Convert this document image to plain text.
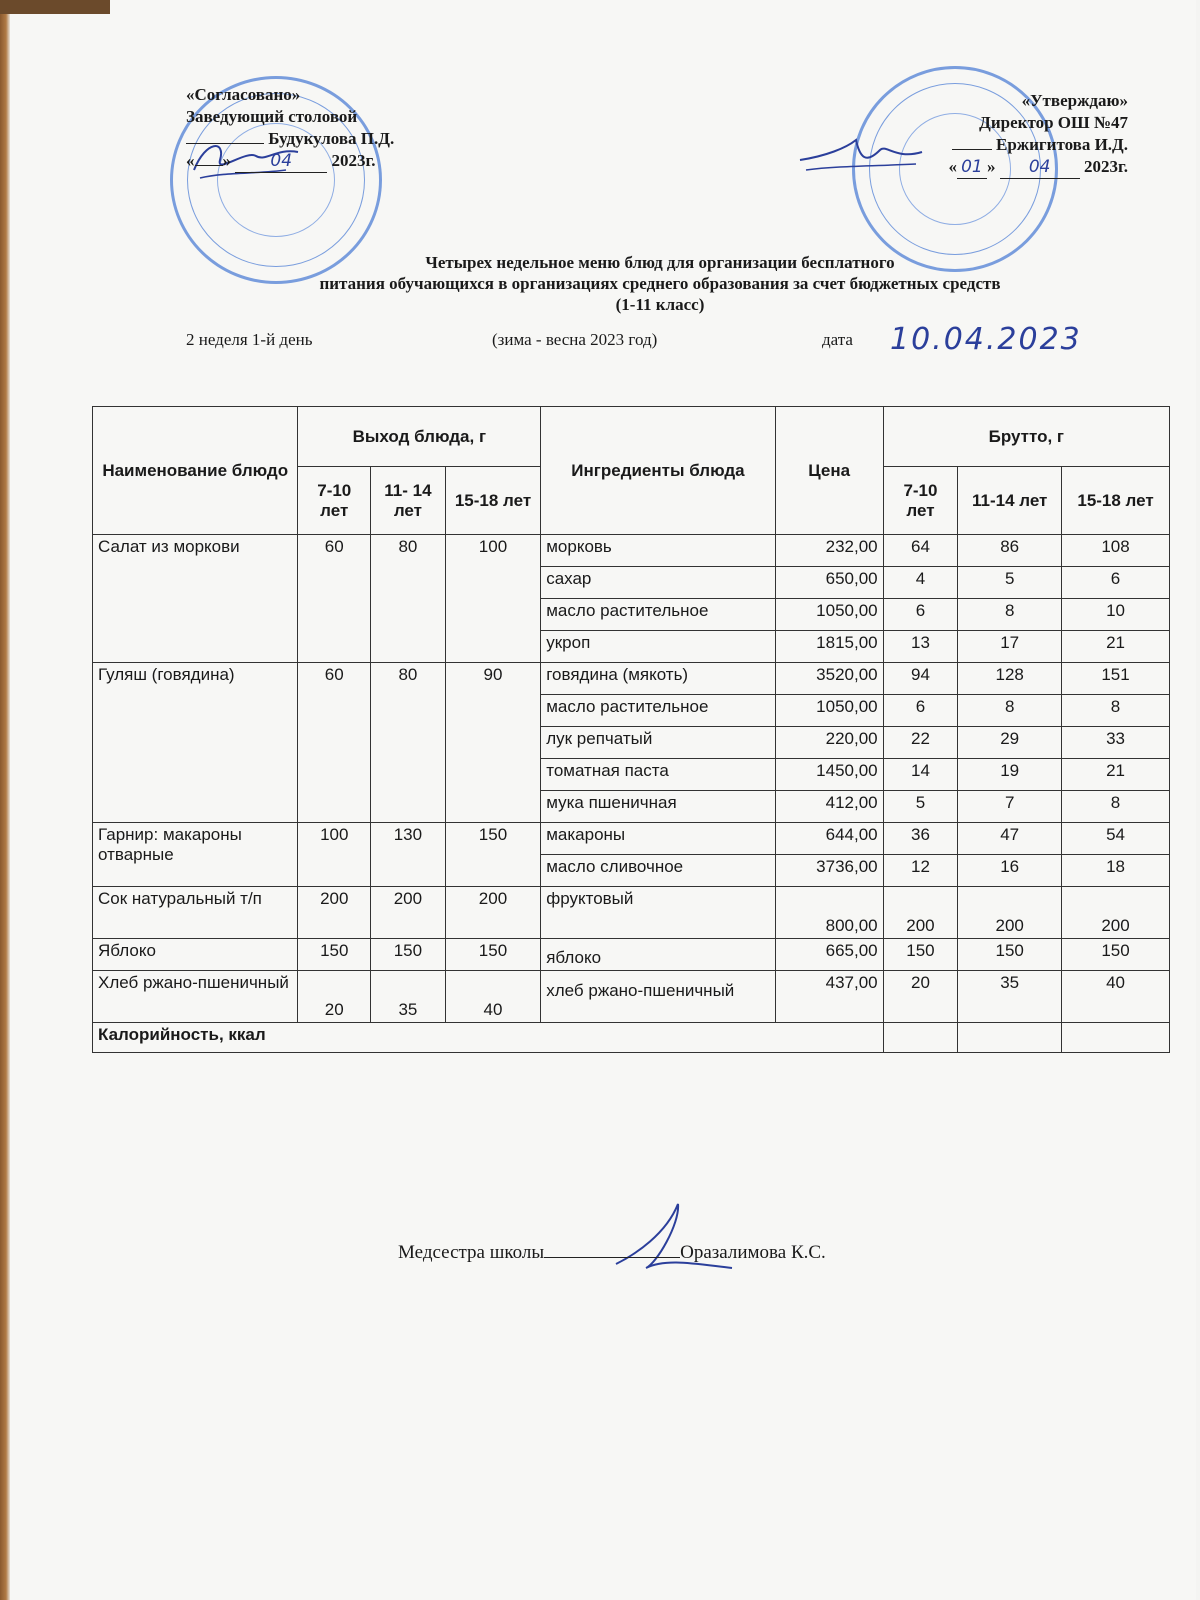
«Согласовано»
Заведующий столовой
Будукулова П.Д.
« » 04 2023г.
«Утверждаю»
Директор ОШ №47
Ержигитова И.Д.
« 01 » 04 2023г.
Четырех недельное меню блюд для организации бесплатного
питания обучающихся в организациях среднего образования за счет бюджетных средств
(1-11 класс)
2 неделя 1-й день	(зима - весна 2023 год)	дата 10.04.2023
Наименование блюдо	Выход блюда, г			Ингредиенты блюда	Цена	Брутто, г		
	7-10 лет	11- 14 лет	15-18 лет			7-10 лет	11-14 лет	15-18 лет
Салат из моркови	60	80	100	морковь	232,00	64	86	108
				сахар	650,00	4	5	6
				масло растительное	1050,00	6	8	10
				укроп	1815,00	13	17	21
Гуляш (говядина)	60	80	90	говядина (мякоть)	3520,00	94	128	151
				масло растительное	1050,00	6	8	8
				лук репчатый	220,00	22	29	33
				томатная паста	1450,00	14	19	21
				мука пшеничная	412,00	5	7	8
Гарнир: макароны отварные	100	130	150	макароны	644,00	36	47	54
				масло сливочное	3736,00	12	16	18
Сок натуральный т/п	200	200	200	фруктовый	800,00	200	200	200
Яблоко	150	150	150	яблоко	665,00	150	150	150
Хлеб ржано-пшеничный	20	35	40	хлеб ржано-пшеничный	437,00	20	35	40
Калорийность, ккал								
Медсестра школы	Оразалимова К.С.
